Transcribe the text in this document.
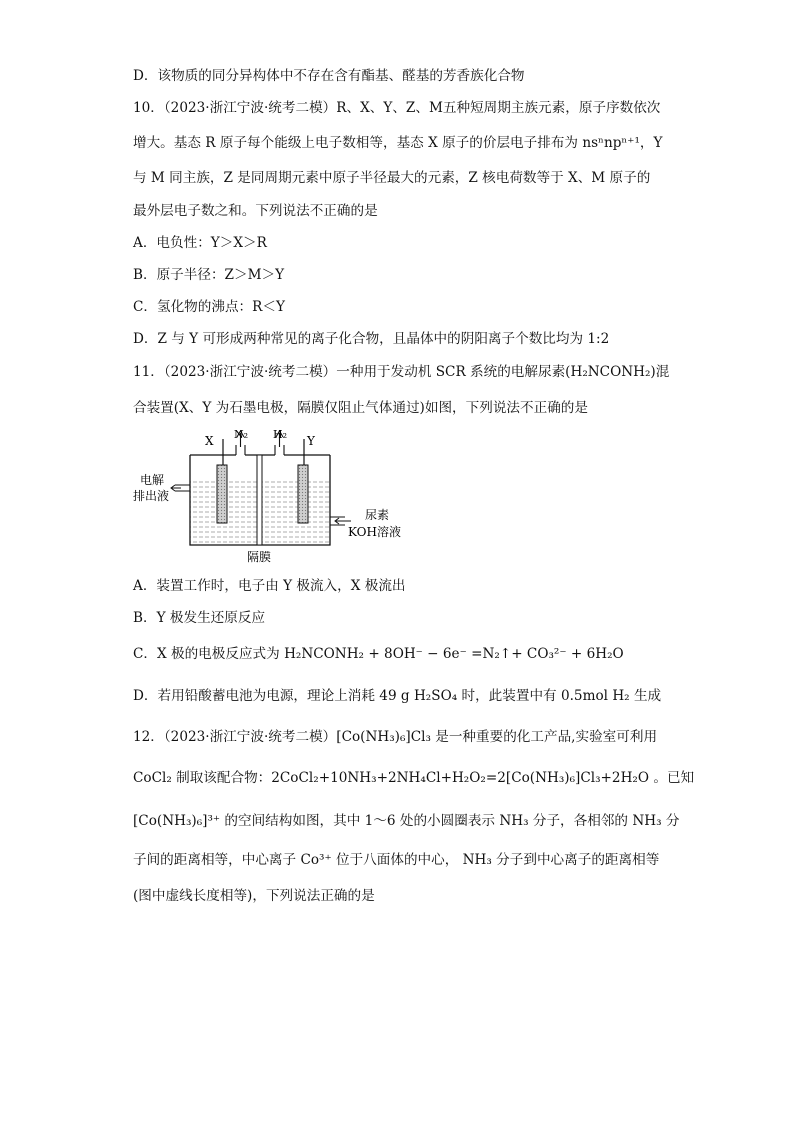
D．该物质的同分异构体中不存在含有酯基、醛基的芳香族化合物
10．（2023·浙江宁波·统考二模）R、X、Y、Z、M五种短周期主族元素，原子序数依次
增大。基态 R 原子每个能级上电子数相等，基态 X 原子的价层电子排布为 nsⁿnpⁿ⁺¹，Y
与 M 同主族，Z 是同周期元素中原子半径最大的元素，Z 核电荷数等于 X、M 原子的
最外层电子数之和。下列说法不正确的是
A．电负性：Y＞X＞R
B．原子半径：Z＞M＞Y
C．氢化物的沸点：R＜Y
D．Z 与 Y 可形成两种常见的离子化合物，且晶体中的阴阳离子个数比均为 1:2
11．（2023·浙江宁波·统考二模）一种用于发动机 SCR 系统的电解尿素(H₂NCONH₂)混
合装置(X、Y 为石墨电极，隔膜仅阻止气体通过)如图，下列说法不正确的是
X N₂ H₂ Y
电解
排出液
尿素
KOH溶液
隔膜
A．装置工作时，电子由 Y 极流入，X 极流出
B．Y 极发生还原反应
C．X 极的电极反应式为 H₂NCONH₂ + 8OH⁻ − 6e⁻ =N₂↑+ CO₃²⁻ + 6H₂O
D．若用铅酸蓄电池为电源，理论上消耗 49 g H₂SO₄ 时，此装置中有 0.5mol H₂ 生成
12．（2023·浙江宁波·统考二模）[Co(NH₃)₆]Cl₃ 是一种重要的化工产品,实验室可利用
CoCl₂ 制取该配合物：2CoCl₂+10NH₃+2NH₄Cl+H₂O₂=2[Co(NH₃)₆]Cl₃+2H₂O 。已知
[Co(NH₃)₆]³⁺ 的空间结构如图，其中 1～6 处的小圆圈表示 NH₃ 分子，各相邻的 NH₃ 分
子间的距离相等，中心离子 Co³⁺ 位于八面体的中心， NH₃ 分子到中心离子的距离相等
(图中虚线长度相等)，下列说法正确的是
